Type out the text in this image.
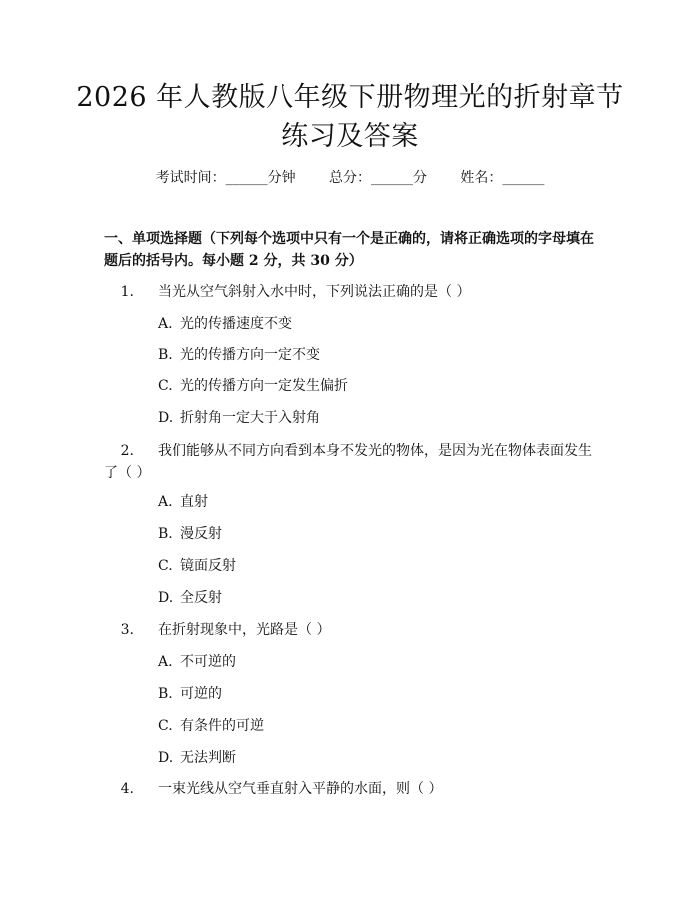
2026 年人教版八年级下册物理光的折射章节
练习及答案
考试时间：______分钟 总分：______分 姓名：______
一、单项选择题（下列每个选项中只有一个是正确的，请将正确选项的字母填在题后的括号内。每小题 2 分，共 30 分）
1. 当光从空气斜射入水中时，下列说法正确的是（ ）
A. 光的传播速度不变
B. 光的传播方向一定不变
C. 光的传播方向一定发生偏折
D. 折射角一定大于入射角
2. 我们能够从不同方向看到本身不发光的物体，是因为光在物体表面发生了（ ）
A. 直射
B. 漫反射
C. 镜面反射
D. 全反射
3. 在折射现象中，光路是（ ）
A. 不可逆的
B. 可逆的
C. 有条件的可逆
D. 无法判断
4. 一束光线从空气垂直射入平静的水面，则（ ）
